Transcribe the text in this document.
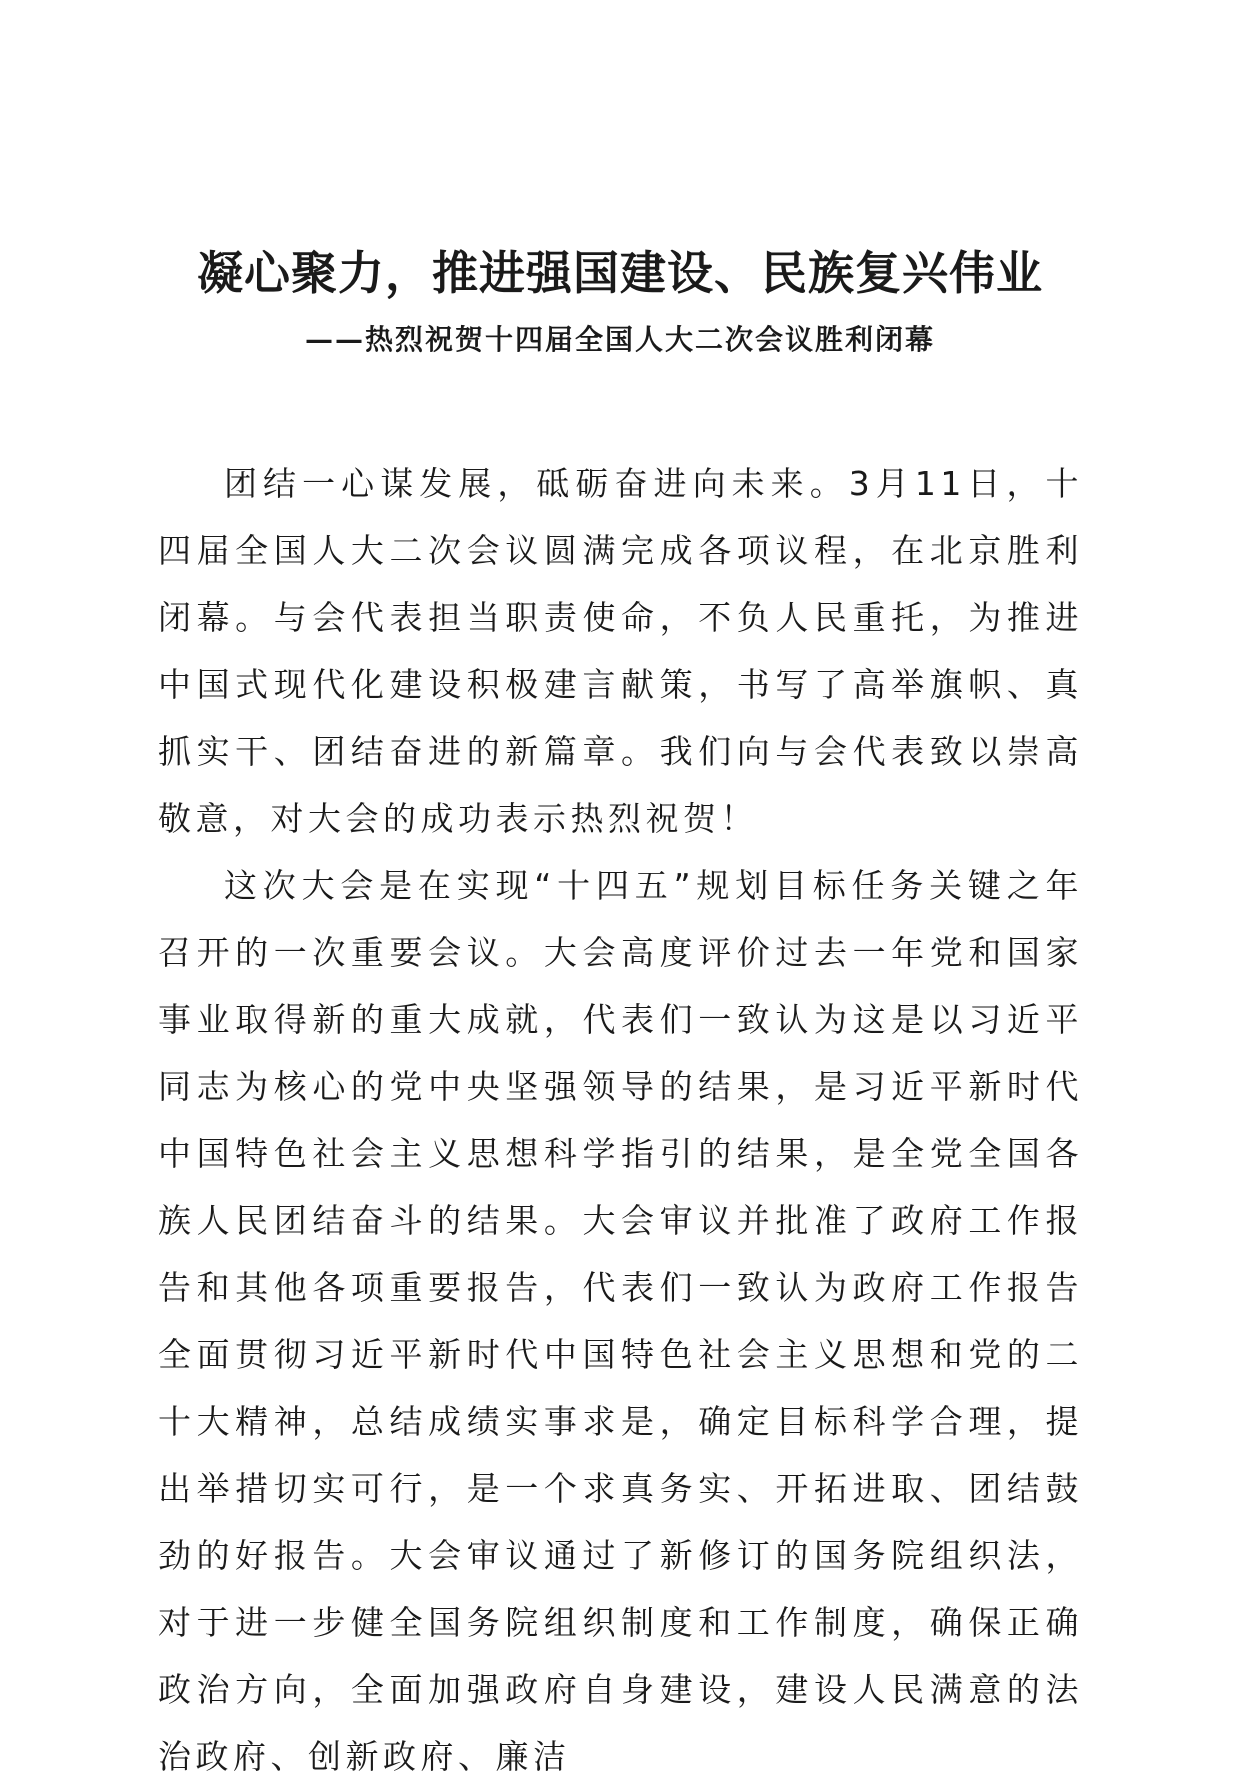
凝心聚力，推进强国建设、民族复兴伟业
——热烈祝贺十四届全国人大二次会议胜利闭幕

团结一心谋发展，砥砺奋进向未来。3月11日，十四届全国人大二次会议圆满完成各项议程，在北京胜利闭幕。与会代表担当职责使命，不负人民重托，为推进中国式现代化建设积极建言献策，书写了高举旗帜、真抓实干、团结奋进的新篇章。我们向与会代表致以崇高敬意，对大会的成功表示热烈祝贺！

这次大会是在实现“十四五”规划目标任务关键之年召开的一次重要会议。大会高度评价过去一年党和国家事业取得新的重大成就，代表们一致认为这是以习近平同志为核心的党中央坚强领导的结果，是习近平新时代中国特色社会主义思想科学指引的结果，是全党全国各族人民团结奋斗的结果。大会审议并批准了政府工作报告和其他各项重要报告，代表们一致认为政府工作报告全面贯彻习近平新时代中国特色社会主义思想和党的二十大精神，总结成绩实事求是，确定目标科学合理，提出举措切实可行，是一个求真务实、开拓进取、团结鼓劲的好报告。大会审议通过了新修订的国务院组织法，对于进一步健全国务院组织制度和工作制度，确保正确政治方向，全面加强政府自身建设，建设人民满意的法治政府、创新政府、廉洁
